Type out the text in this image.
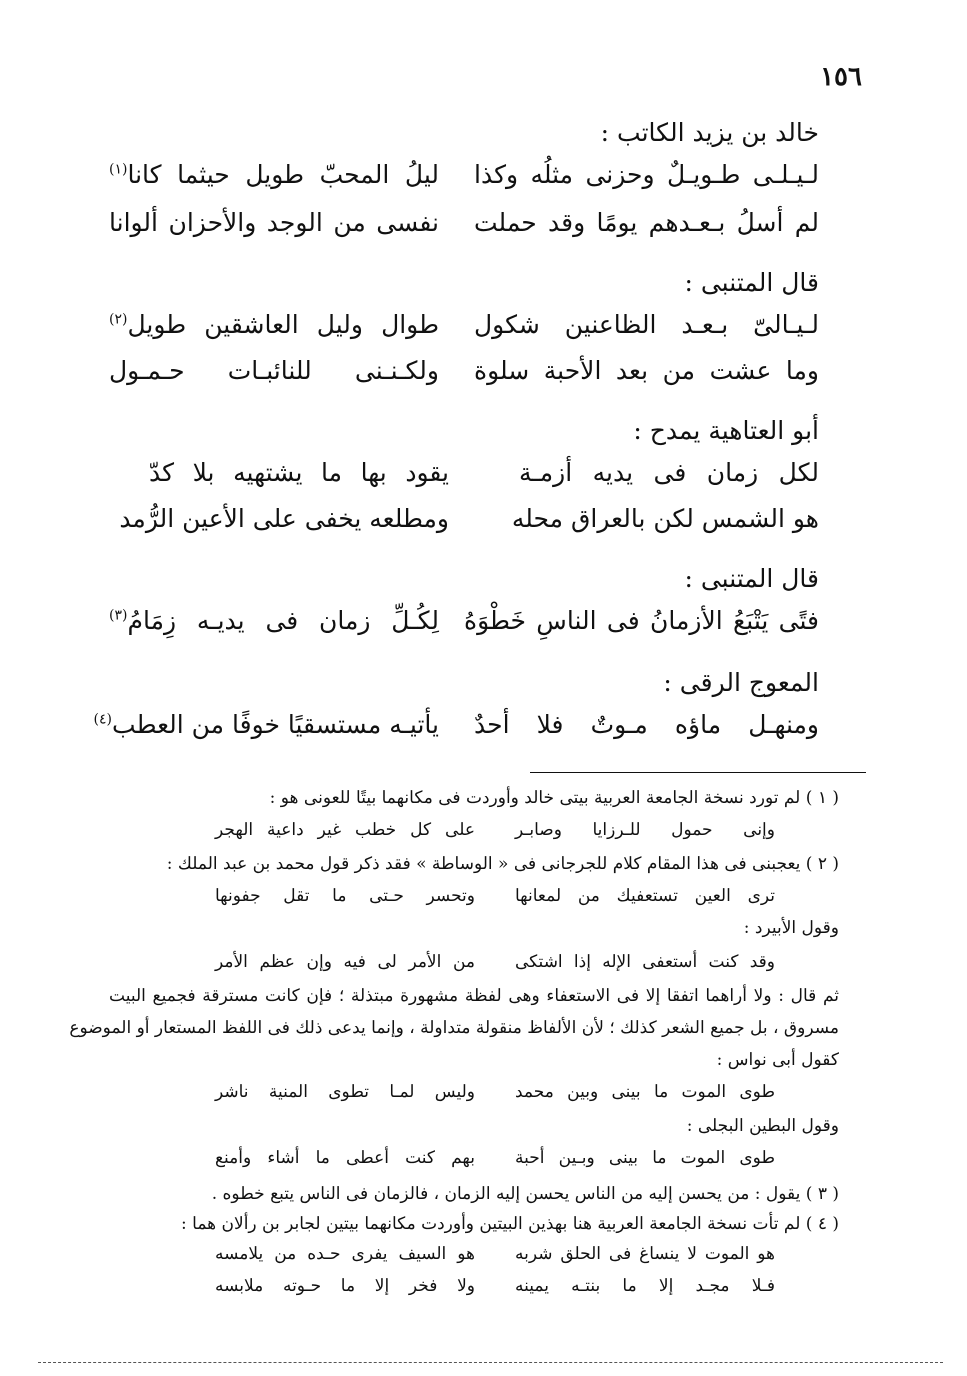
١٥٦
خالد بن يزيد الكاتب :
لـيـلـى طـويـلٌ وحزنى مثلُه وكذا
ليلُ المحبّ طويل حيثما كانا$^{(١)}$
لم أسلُ بـعـدهم يومًا وقد حملت
نفسى من الوجد والأحزان ألوانا
قال المتنبى :
لـيـالىّ بـعـد الظاعنين شكول
طوال وليل العاشقين طويل$^{(٢)}$
وما عشت من بعد الأحبة سلوة
ولكـنـنى للنائبـات حـمـول
أبو العتاهية يمدح :
لكل زمان فى يديه أزمـة
يقود بها ما يشتهيه بلا كدّ
هو الشمس لكن بالعراق محله
ومطلعه يخفى على الأعين الرُّمد
قال المتنبى :
فتًى يَتْبَعُ الأزمانُ فى الناسِ خَطْوَهُ
لِكُـلِّ زمان فى يديـه زِمَامُ$^{(٣)}$
المعوج الرقى :
ومنهـل ماؤه مـوتٌ فلا أحدٌ
يأتيـه مستسقيًا خوفًا من العطب$^{(٤)}$
( ١ ) لم تورد نسخة الجامعة العربية بيتى خالد وأوردت فى مكانهما بيتًا للعونى هو :
وإنى حمول للـرزايا وصابـر
على كل خطب غير داعية الهجر
( ٢ ) يعجبنى فى هذا المقام كلام للجرجانى فى « الوساطة » فقد ذكر قول محمد بن عبد الملك :
ترى العين تستعفيك من لمعانها
وتحسر حـتى ما تقل جفونها
وقول الأبيرد :
وقد كنت أستعفى الإله إذا اشتكى
من الأمر لى فيه وإن عظم الأمر
ثم قال : ولا أراهما اتفقا إلا فى الاستعفاء وهى لفظة مشهورة مبتذلة ؛ فإن كانت مسترقة فجميع البيت
مسروق ، بل جميع الشعر كذلك ؛ لأن الألفاظ منقولة متداولة ، وإنما يدعى ذلك فى اللفظ المستعار أو الموضوع
كقول أبى نواس :
طوى الموت ما بينى وبين محمد
وليس لمـا تطوى المنية ناشر
وقول البطين البجلى :
طوى الموت ما بينى وبـين أحبة
بهم كنت أعطى ما أشاء وأمنع
( ٣ ) يقول : من يحسن إليه من الناس يحسن إليه الزمان ، فالزمان فى الناس يتبع خطوه .
( ٤ ) لم تأت نسخة الجامعة العربية هنا بهذين البيتين وأوردت مكانهما بيتين لجابر بن رألان هما :
هو الموت لا ينساغ فى الحلق شربه
هو السيف يفرى حـده من يلامسه
فـلا مجـد إلا ما بنتـه يمينه
ولا فخر إلا ما حـوته ملابسه
